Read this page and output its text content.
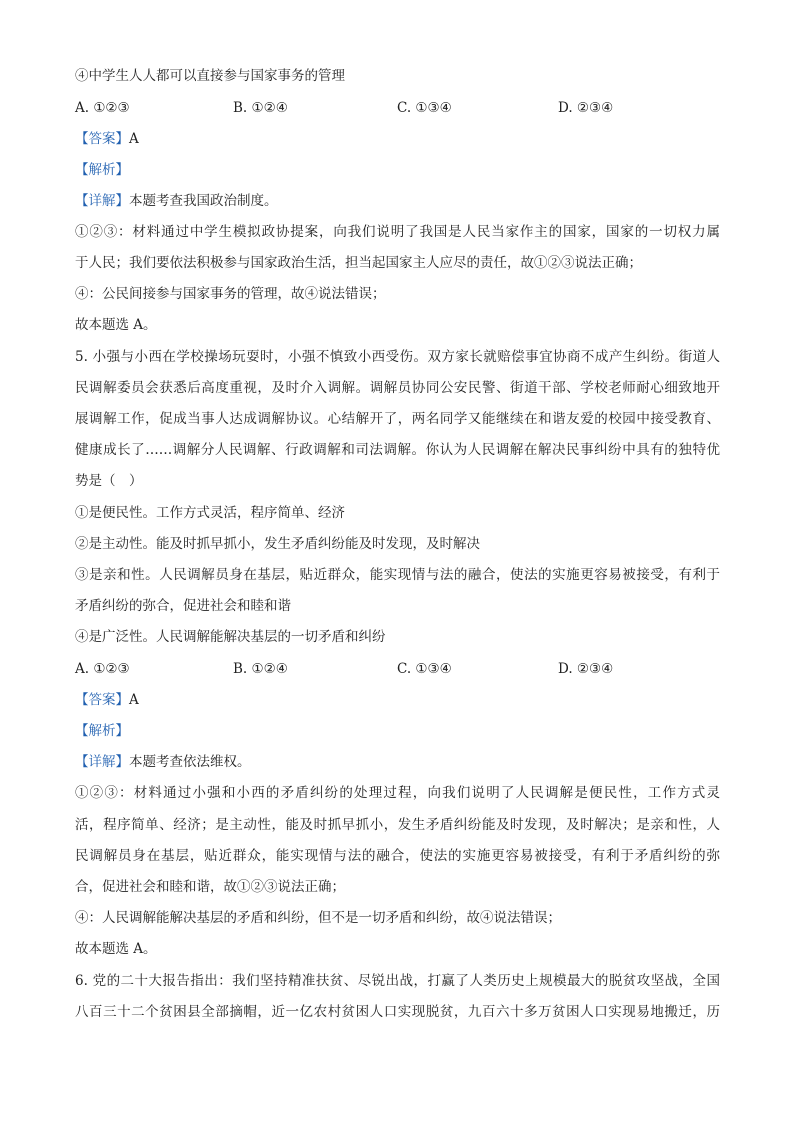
④中学生人人都可以直接参与国家事务的管理
A. ①②③	B. ①②④	C. ①③④	D. ②③④
【答案】A
【解析】
【详解】本题考查我国政治制度。
①②③：材料通过中学生模拟政协提案，向我们说明了我国是人民当家作主的国家，国家的一切权力属
于人民；我们要依法积极参与国家政治生活，担当起国家主人应尽的责任，故①②③说法正确；
④：公民间接参与国家事务的管理，故④说法错误；
故本题选 A。
5. 小强与小西在学校操场玩耍时，小强不慎致小西受伤。双方家长就赔偿事宜协商不成产生纠纷。街道人
民调解委员会获悉后高度重视，及时介入调解。调解员协同公安民警、街道干部、学校老师耐心细致地开
展调解工作，促成当事人达成调解协议。心结解开了，两名同学又能继续在和谐友爱的校园中接受教育、
健康成长了……调解分人民调解、行政调解和司法调解。你认为人民调解在解决民事纠纷中具有的独特优
势是（　）
①是便民性。工作方式灵活，程序简单、经济
②是主动性。能及时抓早抓小，发生矛盾纠纷能及时发现，及时解决
③是亲和性。人民调解员身在基层，贴近群众，能实现情与法的融合，使法的实施更容易被接受，有利于
矛盾纠纷的弥合，促进社会和睦和谐
④是广泛性。人民调解能解决基层的一切矛盾和纠纷
A. ①②③	B. ①②④	C. ①③④	D. ②③④
【答案】A
【解析】
【详解】本题考查依法维权。
①②③：材料通过小强和小西的矛盾纠纷的处理过程，向我们说明了人民调解是便民性，工作方式灵
活，程序简单、经济；是主动性，能及时抓早抓小，发生矛盾纠纷能及时发现，及时解决；是亲和性，人
民调解员身在基层，贴近群众，能实现情与法的融合，使法的实施更容易被接受，有利于矛盾纠纷的弥
合，促进社会和睦和谐，故①②③说法正确；
④：人民调解能解决基层的矛盾和纠纷，但不是一切矛盾和纠纷，故④说法错误；
故本题选 A。
6. 党的二十大报告指出：我们坚持精准扶贫、尽锐出战，打赢了人类历史上规模最大的脱贫攻坚战，全国
八百三十二个贫困县全部摘帽，近一亿农村贫困人口实现脱贫，九百六十多万贫困人口实现易地搬迁，历
